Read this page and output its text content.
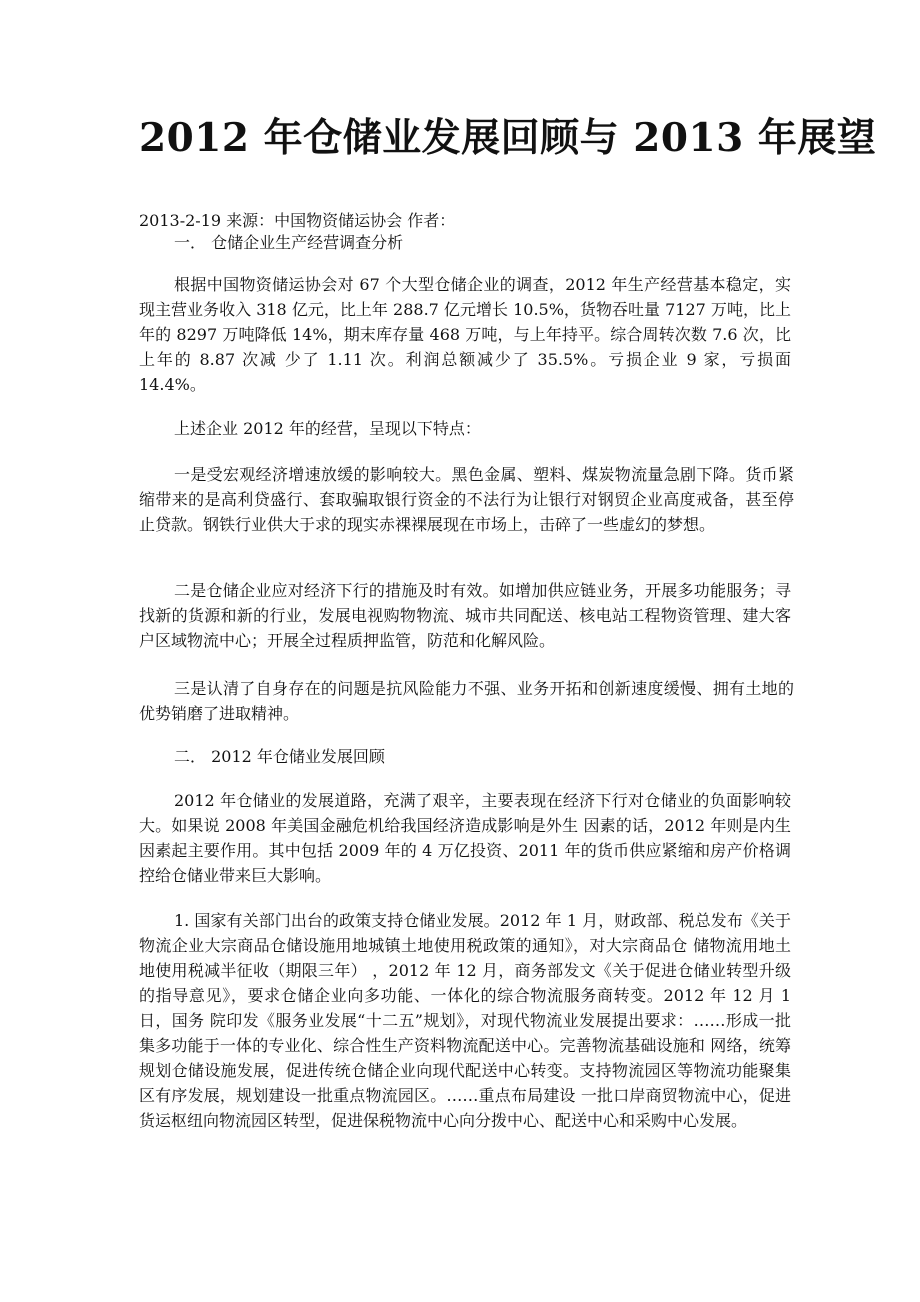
2012 年仓储业发展回顾与 2013 年展望
2013-2-19 来源：中国物资储运协会 作者：

一． 仓储企业生产经营调查分析

根据中国物资储运协会对 67 个大型仓储企业的调查，2012 年生产经营基本稳定，实现主营业务收入 318 亿元，比上年 288.7 亿元增长 10.5%，货物吞吐量 7127 万吨，比上年的 8297 万吨降低 14%，期末库存量 468 万吨，与上年持平。综合周转次数 7.6 次，比上年的 8.87 次减 少了 1.11 次。利润总额减少了 35.5%。亏损企业 9 家，亏损面 14.4%。

上述企业 2012 年的经营，呈现以下特点：

一是受宏观经济增速放缓的影响较大。黑色金属、塑料、煤炭物流量急剧下降。货币紧缩带来的是高利贷盛行、套取骗取银行资金的不法行为让银行对钢贸企业高度戒备，甚至停止贷款。钢铁行业供大于求的现实赤裸裸展现在市场上，击碎了一些虚幻的梦想。

二是仓储企业应对经济下行的措施及时有效。如增加供应链业务，开展多功能服务；寻找新的货源和新的行业，发展电视购物物流、城市共同配送、核电站工程物资管理、建大客户区域物流中心；开展全过程质押监管，防范和化解风险。

三是认清了自身存在的问题是抗风险能力不强、业务开拓和创新速度缓慢、拥有土地的优势销磨了进取精神。

二． 2012 年仓储业发展回顾

2012 年仓储业的发展道路，充满了艰辛，主要表现在经济下行对仓储业的负面影响较大。如果说 2008 年美国金融危机给我国经济造成影响是外生 因素的话，2012 年则是内生因素起主要作用。其中包括 2009 年的 4 万亿投资、2011 年的货币供应紧缩和房产价格调控给仓储业带来巨大影响。

1. 国家有关部门出台的政策支持仓储业发展。2012 年 1 月，财政部、税总发布《关于物流企业大宗商品仓储设施用地城镇土地使用税政策的通知》，对大宗商品仓 储物流用地土地使用税减半征收（期限三年） ，2012 年 12 月，商务部发文《关于促进仓储业转型升级的指导意见》，要求仓储企业向多功能、一体化的综合物流服务商转变。2012 年 12 月 1 日，国务 院印发《服务业发展“十二五”规划》，对现代物流业发展提出要求：……形成一批集多功能于一体的专业化、综合性生产资料物流配送中心。完善物流基础设施和 网络，统筹规划仓储设施发展，促进传统仓储企业向现代配送中心转变。支持物流园区等物流功能聚集区有序发展，规划建设一批重点物流园区。……重点布局建设 一批口岸商贸物流中心，促进货运枢纽向物流园区转型，促进保税物流中心向分拨中心、配送中心和采购中心发展。
